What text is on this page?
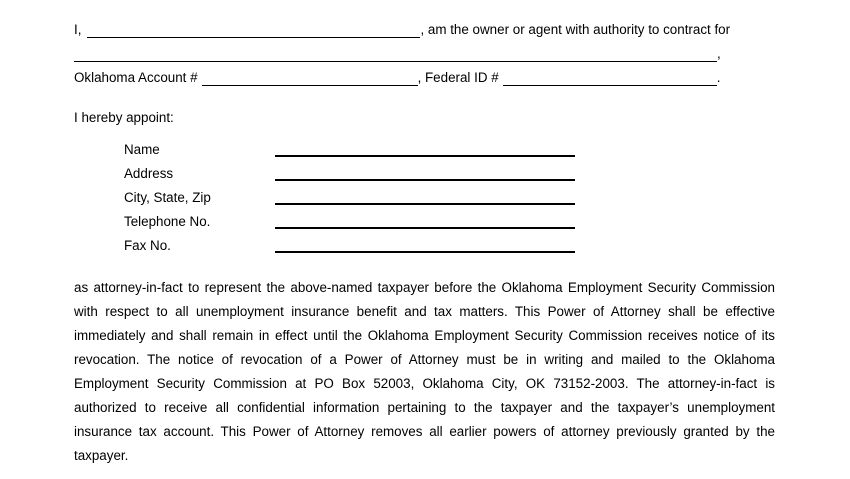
I,	, am the owner or agent with authority to contract for
,
Oklahoma Account #	, Federal ID #	.
I hereby appoint:
Name
Address
City, State, Zip
Telephone No.
Fax No.
as attorney-in-fact to represent the above-named taxpayer before the Oklahoma Employment Security Commission with respect to all unemployment insurance benefit and tax matters. This Power of Attorney shall be effective immediately and shall remain in effect until the Oklahoma Employment Security Commission receives notice of its revocation. The notice of revocation of a Power of Attorney must be in writing and mailed to the Oklahoma Employment Security Commission at PO Box 52003, Oklahoma City, OK 73152-2003. The attorney-in-fact is authorized to receive all confidential information pertaining to the taxpayer and the taxpayer’s unemployment insurance tax account. This Power of Attorney removes all earlier powers of attorney previously granted by the taxpayer.
